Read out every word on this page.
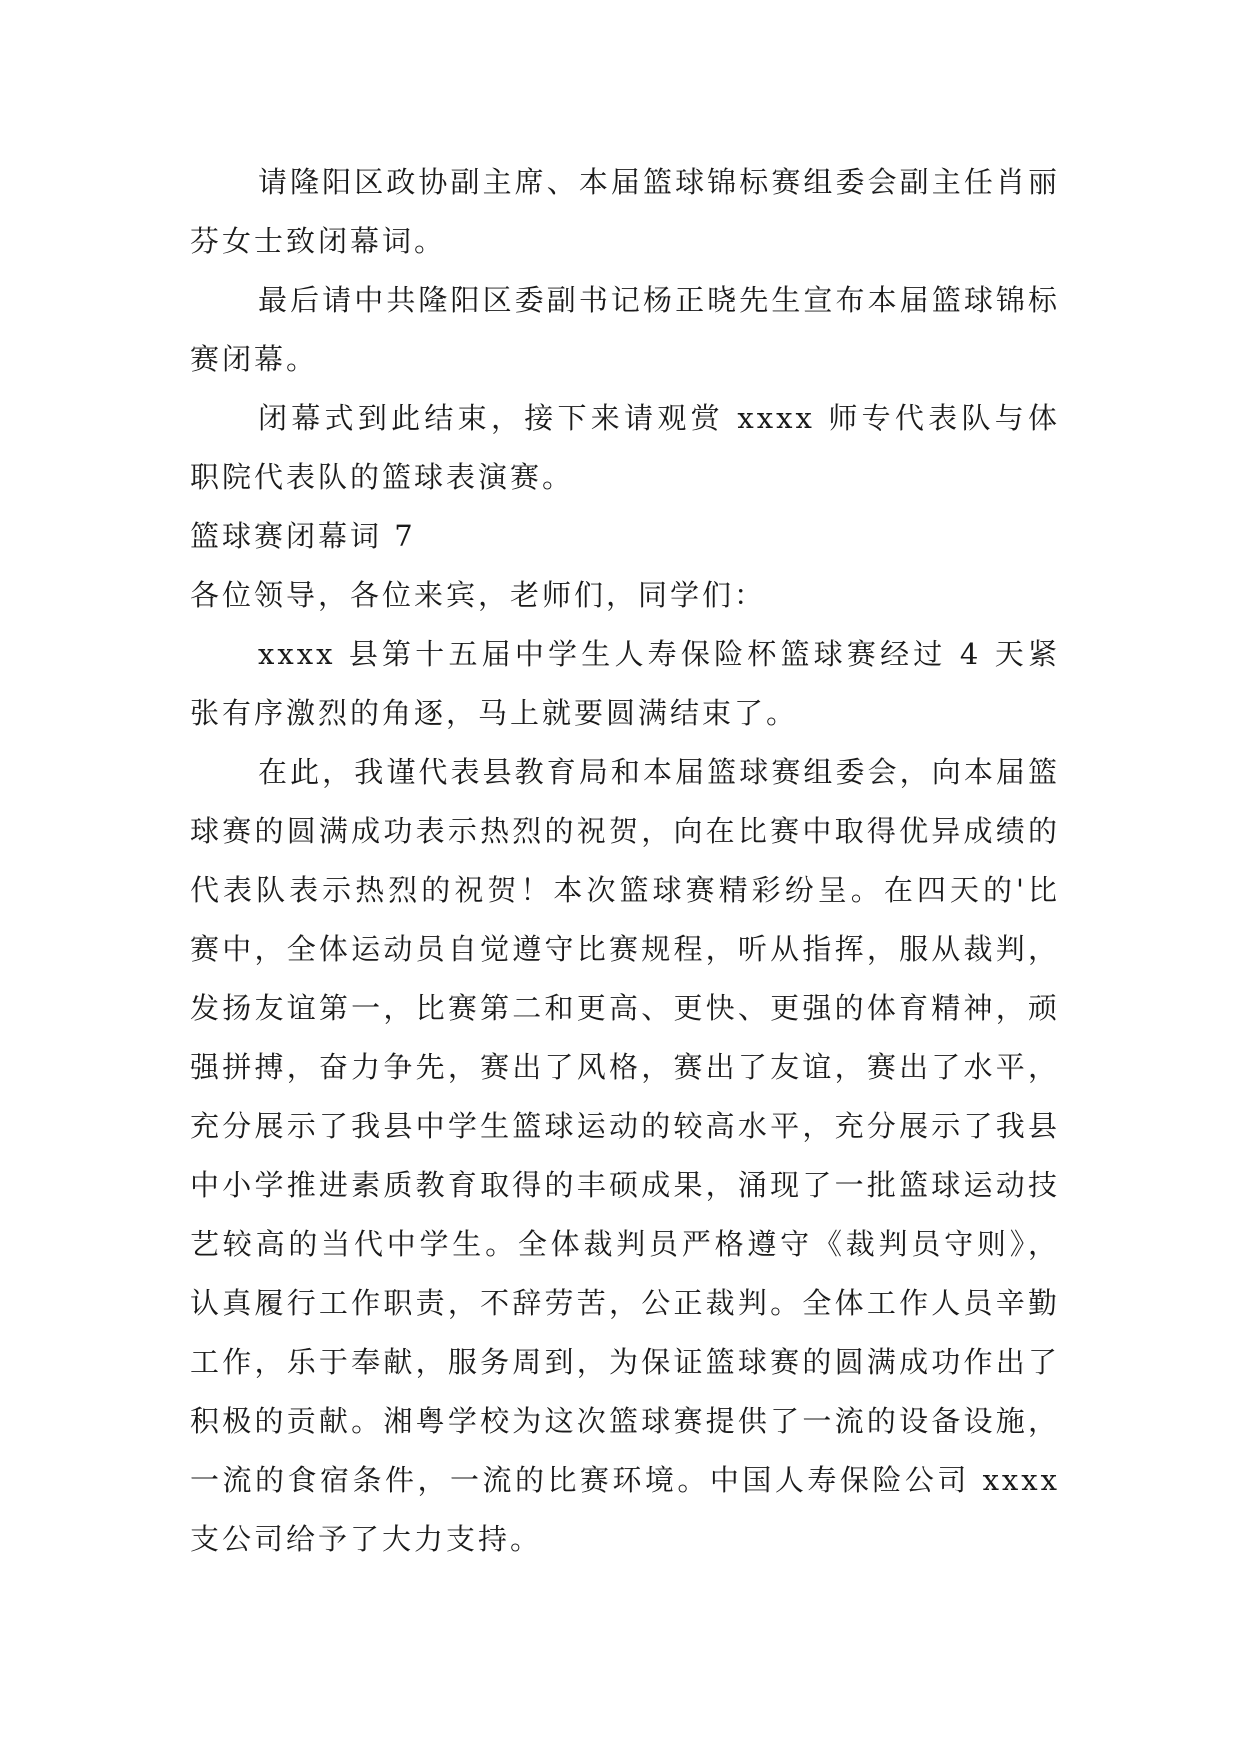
请隆阳区政协副主席、本届篮球锦标赛组委会副主任肖丽芬女士致闭幕词。

最后请中共隆阳区委副书记杨正晓先生宣布本届篮球锦标赛闭幕。

闭幕式到此结束，接下来请观赏 xxxx 师专代表队与体职院代表队的篮球表演赛。

篮球赛闭幕词 7

各位领导，各位来宾，老师们，同学们：

xxxx 县第十五届中学生人寿保险杯篮球赛经过 4 天紧张有序激烈的角逐，马上就要圆满结束了。

在此，我谨代表县教育局和本届篮球赛组委会，向本届篮球赛的圆满成功表示热烈的祝贺，向在比赛中取得优异成绩的代表队表示热烈的祝贺！本次篮球赛精彩纷呈。在四天的'比赛中，全体运动员自觉遵守比赛规程，听从指挥，服从裁判，发扬友谊第一，比赛第二和更高、更快、更强的体育精神，顽强拼搏，奋力争先，赛出了风格，赛出了友谊，赛出了水平，充分展示了我县中学生篮球运动的较高水平，充分展示了我县中小学推进素质教育取得的丰硕成果，涌现了一批篮球运动技艺较高的当代中学生。全体裁判员严格遵守《裁判员守则》，认真履行工作职责，不辞劳苦，公正裁判。全体工作人员辛勤工作，乐于奉献，服务周到，为保证篮球赛的圆满成功作出了积极的贡献。湘粤学校为这次篮球赛提供了一流的设备设施，一流的食宿条件，一流的比赛环境。中国人寿保险公司 xxxx 支公司给予了大力支持。
